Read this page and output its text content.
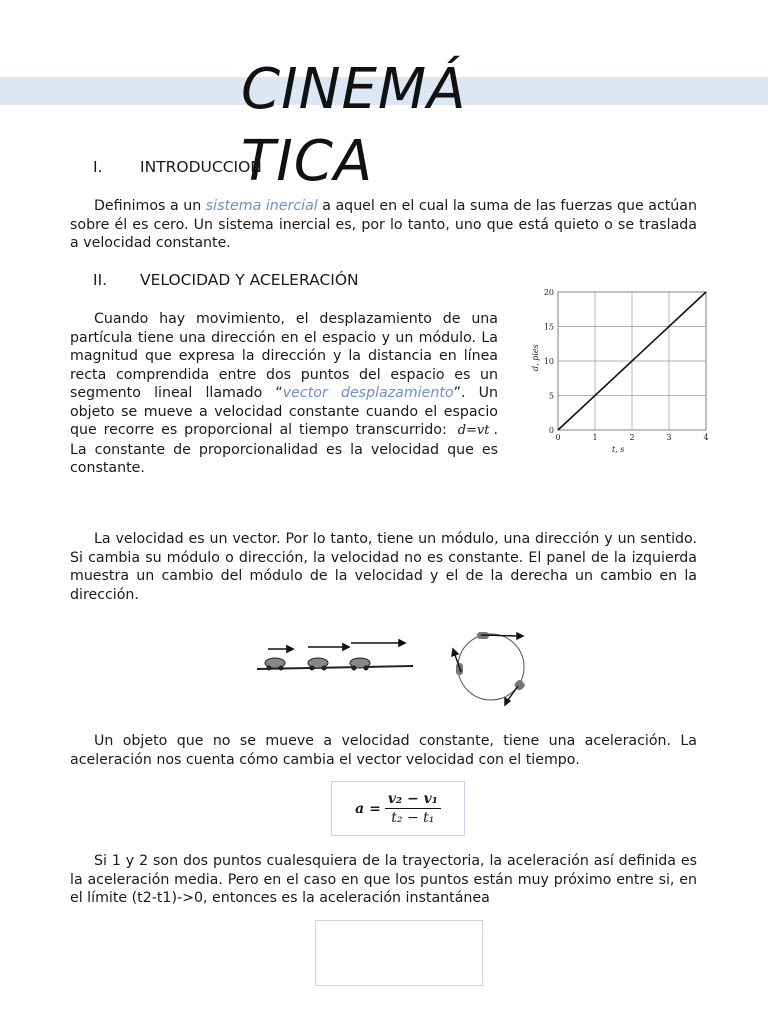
CINEMÁ TICA
I. INTRODUCCION

Definimos a un sistema inercial a aquel en el cual la suma de las fuerzas que actúan sobre él es cero. Un sistema inercial es, por lo tanto, uno que está quieto o se traslada a velocidad constante.

II. VELOCIDAD Y ACELERACIÓN

Cuando hay movimiento, el desplazamiento de una partícula tiene una dirección en el espacio y un módulo. La magnitud que expresa la dirección y la distancia en línea recta comprendida entre dos puntos del espacio es un segmento lineal llamado “vector desplazamiento”. Un objeto se mueve a velocidad constante cuando el espacio que recorre es proporcional al tiempo transcurrido: d=vt . La constante de proporcionalidad es la velocidad que es constante.

0	1	2	3	4
0
5
10
15
20
t, s
d, pies

La velocidad es un vector. Por lo tanto, tiene un módulo, una dirección y un sentido. Si cambia su módulo o dirección, la velocidad no es constante. El panel de la izquierda muestra un cambio del módulo de la velocidad y el de la derecha un cambio en la dirección.

Un objeto que no se mueve a velocidad constante, tiene una aceleración. La aceleración nos cuenta cómo cambia el vector velocidad con el tiempo.

$a = \frac{\text{v₂ − v₁}}{\text{t₂ − t₁}}$

Si 1 y 2 son dos puntos cualesquiera de la trayectoria, la aceleración así definida es la aceleración media. Pero en el caso en que los puntos están muy próximo entre si, en el límite (t2-t1)->0, entonces es la aceleración instantánea
